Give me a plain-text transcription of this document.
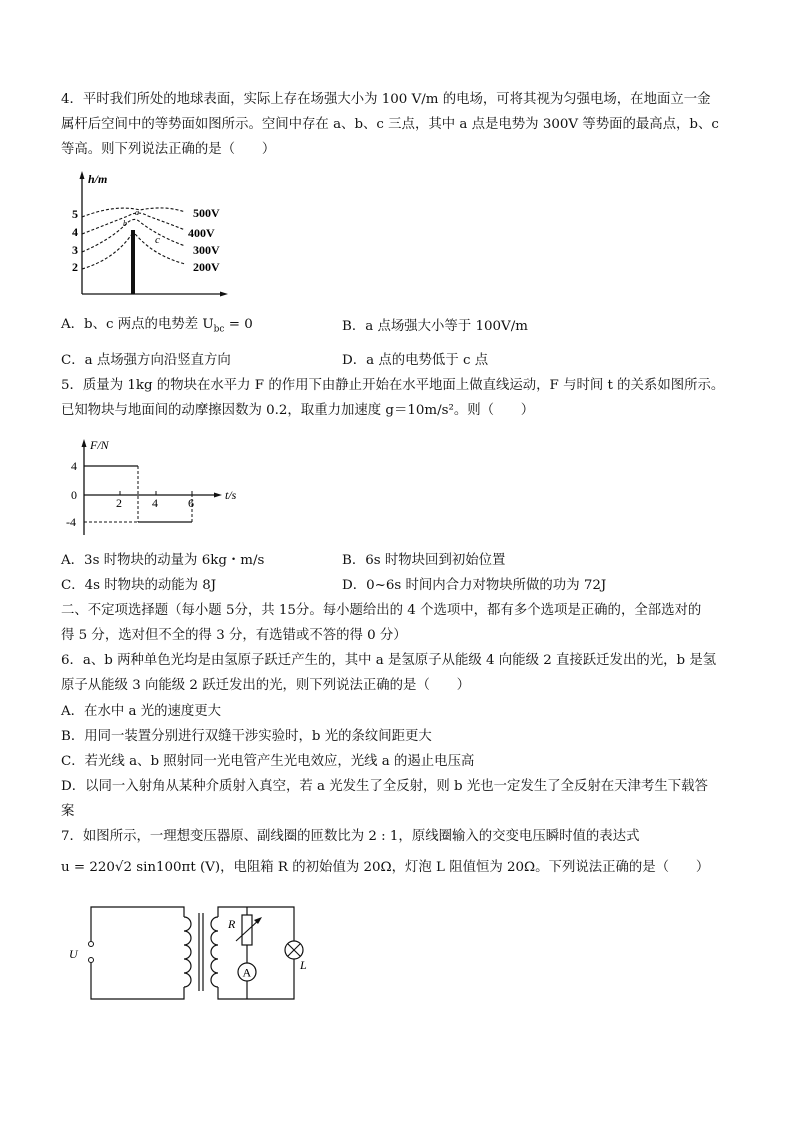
4．平时我们所处的地球表面，实际上存在场强大小为 100 V/m 的电场，可将其视为匀强电场，在地面立一金
属杆后空间中的等势面如图所示。空间中存在 a、b、c 三点，其中 a 点是电势为 300V 等势面的最高点，b、c
等高。则下列说法正确的是（　　）
h/m
5
4
3
2
500V
400V
300V
200V
b
a
c
A．b、c 两点的电势差 $U_{bc} = 0$	B．a 点场强大小等于 100V/m
C．a 点场强方向沿竖直方向	D．a 点的电势低于 c 点
5．质量为 1kg 的物块在水平力 F 的作用下由静止开始在水平地面上做直线运动，F 与时间 t 的关系如图所示。
已知物块与地面间的动摩擦因数为 0.2，取重力加速度 g＝10m/s²。则（　　）
F/N
t/s
4
0
-4
2	4	6
A．3s 时物块的动量为 6kg・m/s	B．6s 时物块回到初始位置
C．4s 时物块的动能为 8J	D．0~6s 时间内合力对物块所做的功为 72J
二、不定项选择题（每小题 5分，共 15分。每小题给出的 4 个选项中，都有多个选项是正确的，全部选对的
得 5 分，选对但不全的得 3 分，有选错或不答的得 0 分）
6．a、b 两种单色光均是由氢原子跃迁产生的，其中 a 是氢原子从能级 4 向能级 2 直接跃迁发出的光，b 是氢
原子从能级 3 向能级 2 跃迁发出的光，则下列说法正确的是（　　）
A．在水中 a 光的速度更大
B．用同一装置分别进行双缝干涉实验时，b 光的条纹间距更大
C．若光线 a、b 照射同一光电管产生光电效应，光线 a 的遏止电压高
D．以同一入射角从某种介质射入真空，若 a 光发生了全反射，则 b 光也一定发生了全反射在天津考生下载答
案
7．如图所示，一理想变压器原、副线圈的匝数比为 2 : 1，原线圈输入的交变电压瞬时值的表达式
u = 220√2 sin100πt (V)，电阻箱 R 的初始值为 20Ω，灯泡 L 阻值恒为 20Ω。下列说法正确的是（　　）
U
R
A
L
